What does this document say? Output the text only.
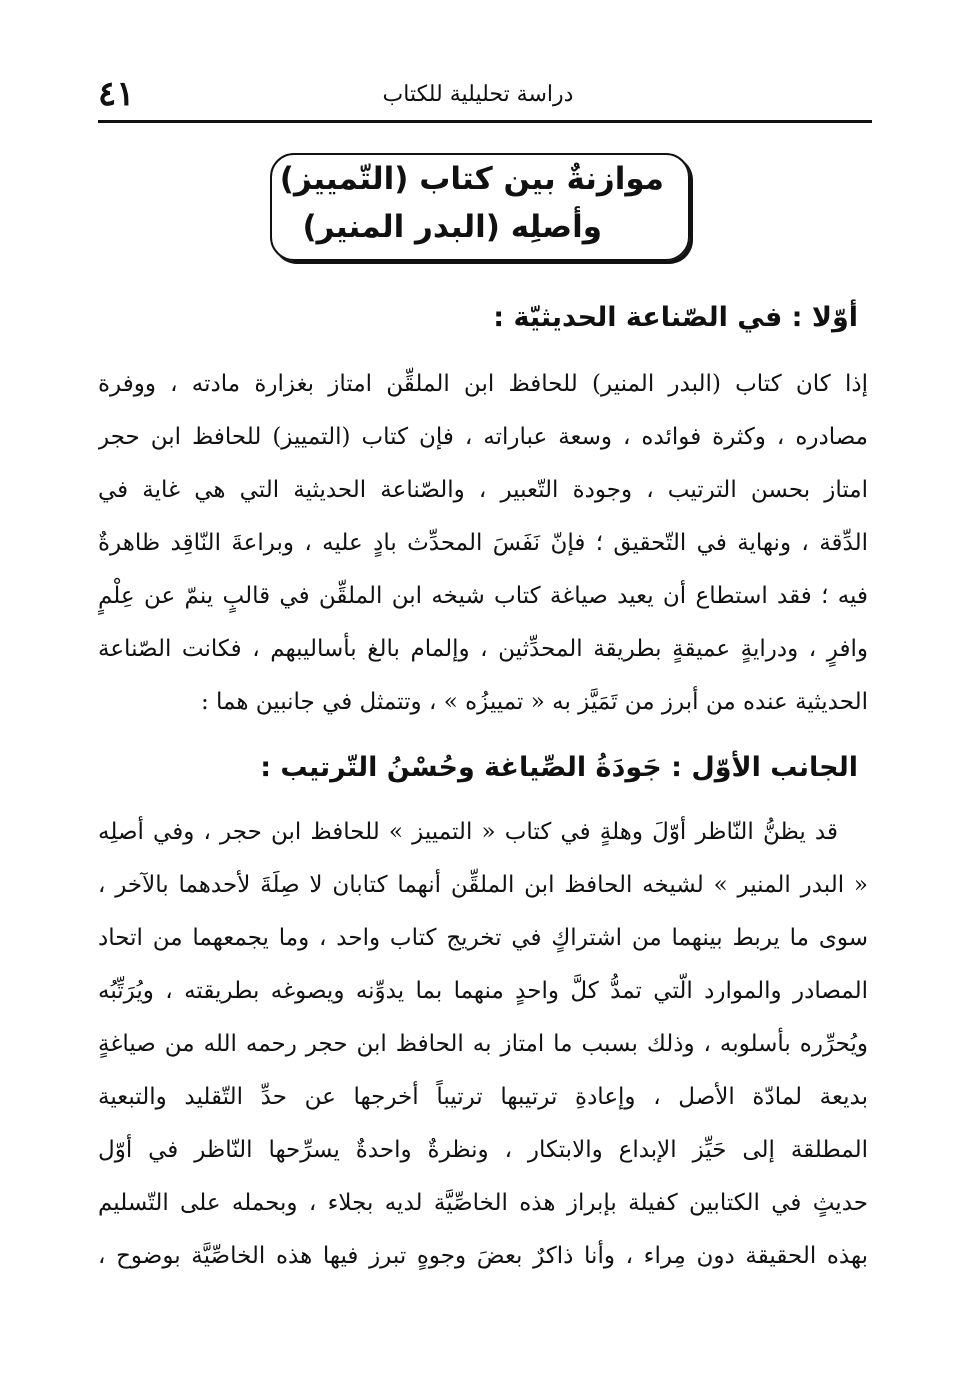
٤١	دراسة تحليلية للكتاب
موازنةٌ بين كتاب (التّمييز)
وأصلِه (البدر المنير)
أوّلا : في الصّناعة الحديثيّة :
إذا كان كتاب (البدر المنير) للحافظ ابن الملقِّن امتاز بغزارة مادته ، ووفرة
مصادره ، وكثرة فوائده ، وسعة عباراته ، فإن كتاب (التمييز) للحافظ ابن حجر
امتاز بحسن الترتيب ، وجودة التّعبير ، والصّناعة الحديثية التي هي غاية في
الدِّقة ، ونهاية في التّحقيق ؛ فإنّ نَفَسَ المحدِّث بادٍ عليه ، وبراعةَ النّاقِد ظاهرةٌ
فيه ؛ فقد استطاع أن يعيد صياغة كتاب شيخه ابن الملقِّن في قالبٍ ينمّ عن عِلْمٍ
وافرٍ ، ودرايةٍ عميقةٍ بطريقة المحدِّثين ، وإلمام بالغ بأساليبهم ، فكانت الصّناعة
الحديثية عنده من أبرز من تَمَيَّز به « تمييزُه » ، وتتمثل في جانبين هما :
الجانب الأوّل : جَودَةُ الصِّياغة وحُسْنُ التّرتيب :
قد يظنُّ النّاظر أوّلَ وهلةٍ في كتاب « التمييز » للحافظ ابن حجر ، وفي أصلِه
« البدر المنير » لشيخه الحافظ ابن الملقِّن أنهما كتابان لا صِلَةَ لأحدهما بالآخر ،
سوى ما يربط بينهما من اشتراكٍ في تخريج كتاب واحد ، وما يجمعهما من اتحاد
المصادر والموارد الّتي تمدُّ كلَّ واحدٍ منهما بما يدوِّنه ويصوغه بطريقته ، ويُرَتِّبُه
ويُحرِّره بأسلوبه ، وذلك بسبب ما امتاز به الحافظ ابن حجر رحمه الله من صياغةٍ
بديعة لمادّة الأصل ، وإعادةِ ترتيبها ترتيباً أخرجها عن حدِّ التّقليد والتبعية
المطلقة إلى حَيِّز الإبداع والابتكار ، ونظرةٌ واحدةٌ يسرِّحها النّاظر في أوّل
حديثٍ في الكتابين كفيلة بإبراز هذه الخاصِّيَّة لديه بجلاء ، وبحمله على التّسليم
بهذه الحقيقة دون مِراء ، وأنا ذاكرٌ بعضَ وجوهٍ تبرز فيها هذه الخاصِّيَّة بوضوح ،
